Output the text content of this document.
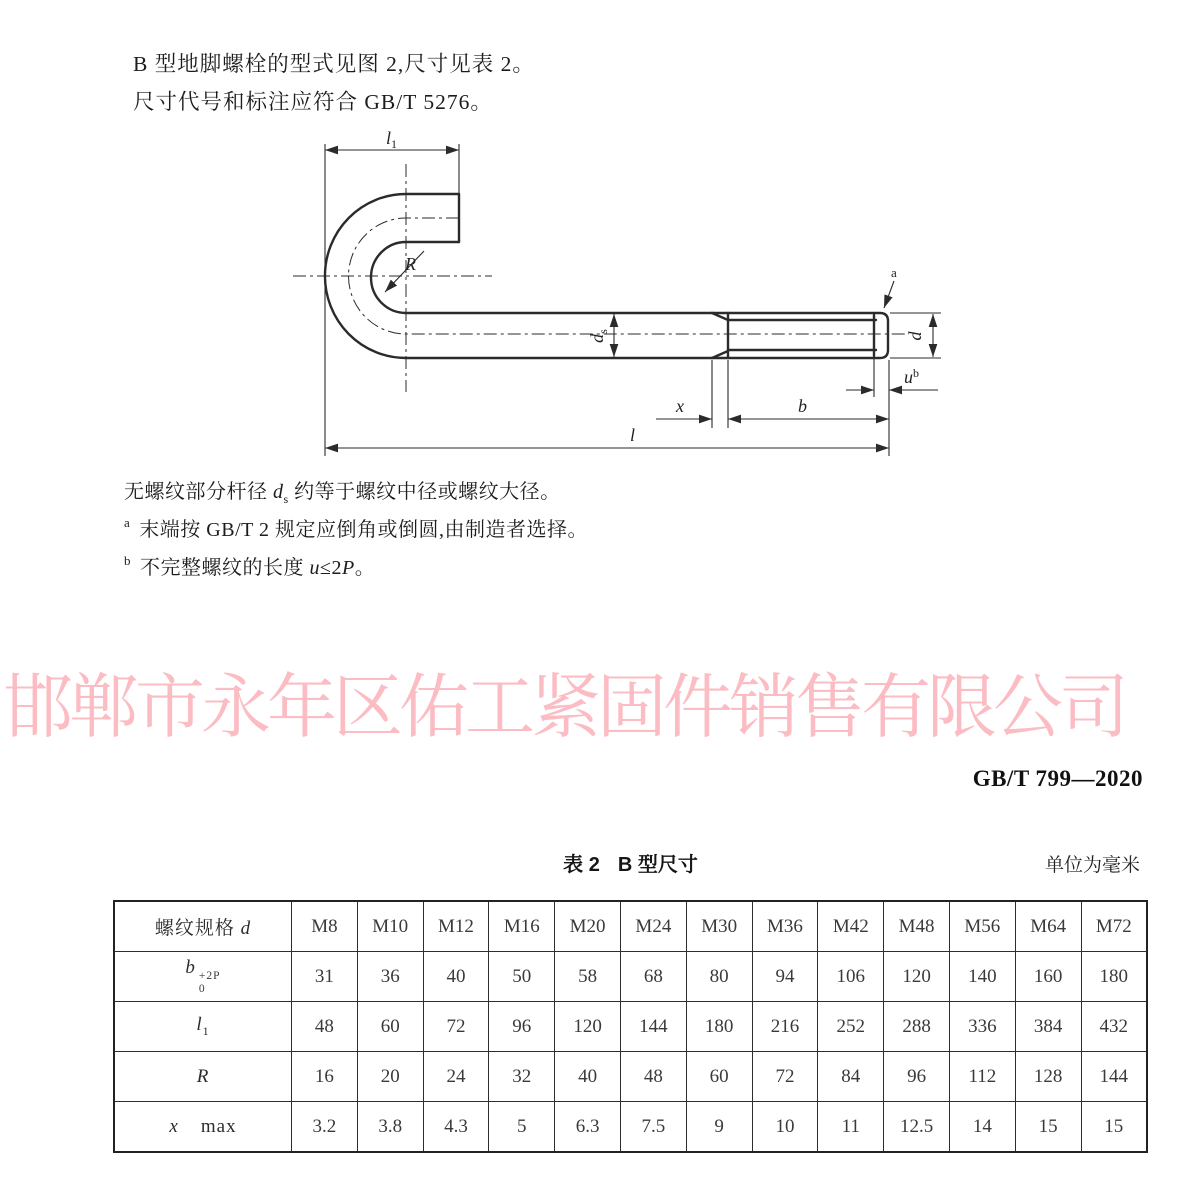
B 型地脚螺栓的型式见图 2,尺寸见表 2。
尺寸代号和标注应符合 GB/T 5276。
$l_1$
R
$d_s$	d
$u^b$
x	b
l
a
无螺纹部分杆径 $d_s$ 约等于螺纹中径或螺纹大径。
$^a$ 末端按 GB/T 2 规定应倒角或倒圆,由制造者选择。
$^b$ 不完整螺纹的长度 u≤2P。
邯郸市永年区佑工紧固件销售有限公司
GB/T 799—2020
表 2 B 型尺寸	单位为毫米
螺纹规格 d	M8	M10	M12	M16	M20	M24	M30	M36	M42	M48	M56	M64	M72
b +2P
0	31	36	40	50	58	68	80	94	106	120	140	160	180
$l_1$	48	60	72	96	120	144	180	216	252	288	336	384	432
R	16	20	24	32	40	48	60	72	84	96	112	128	144
x max	3.2	3.8	4.3	5	6.3	7.5	9	10	11	12.5	14	15	15
